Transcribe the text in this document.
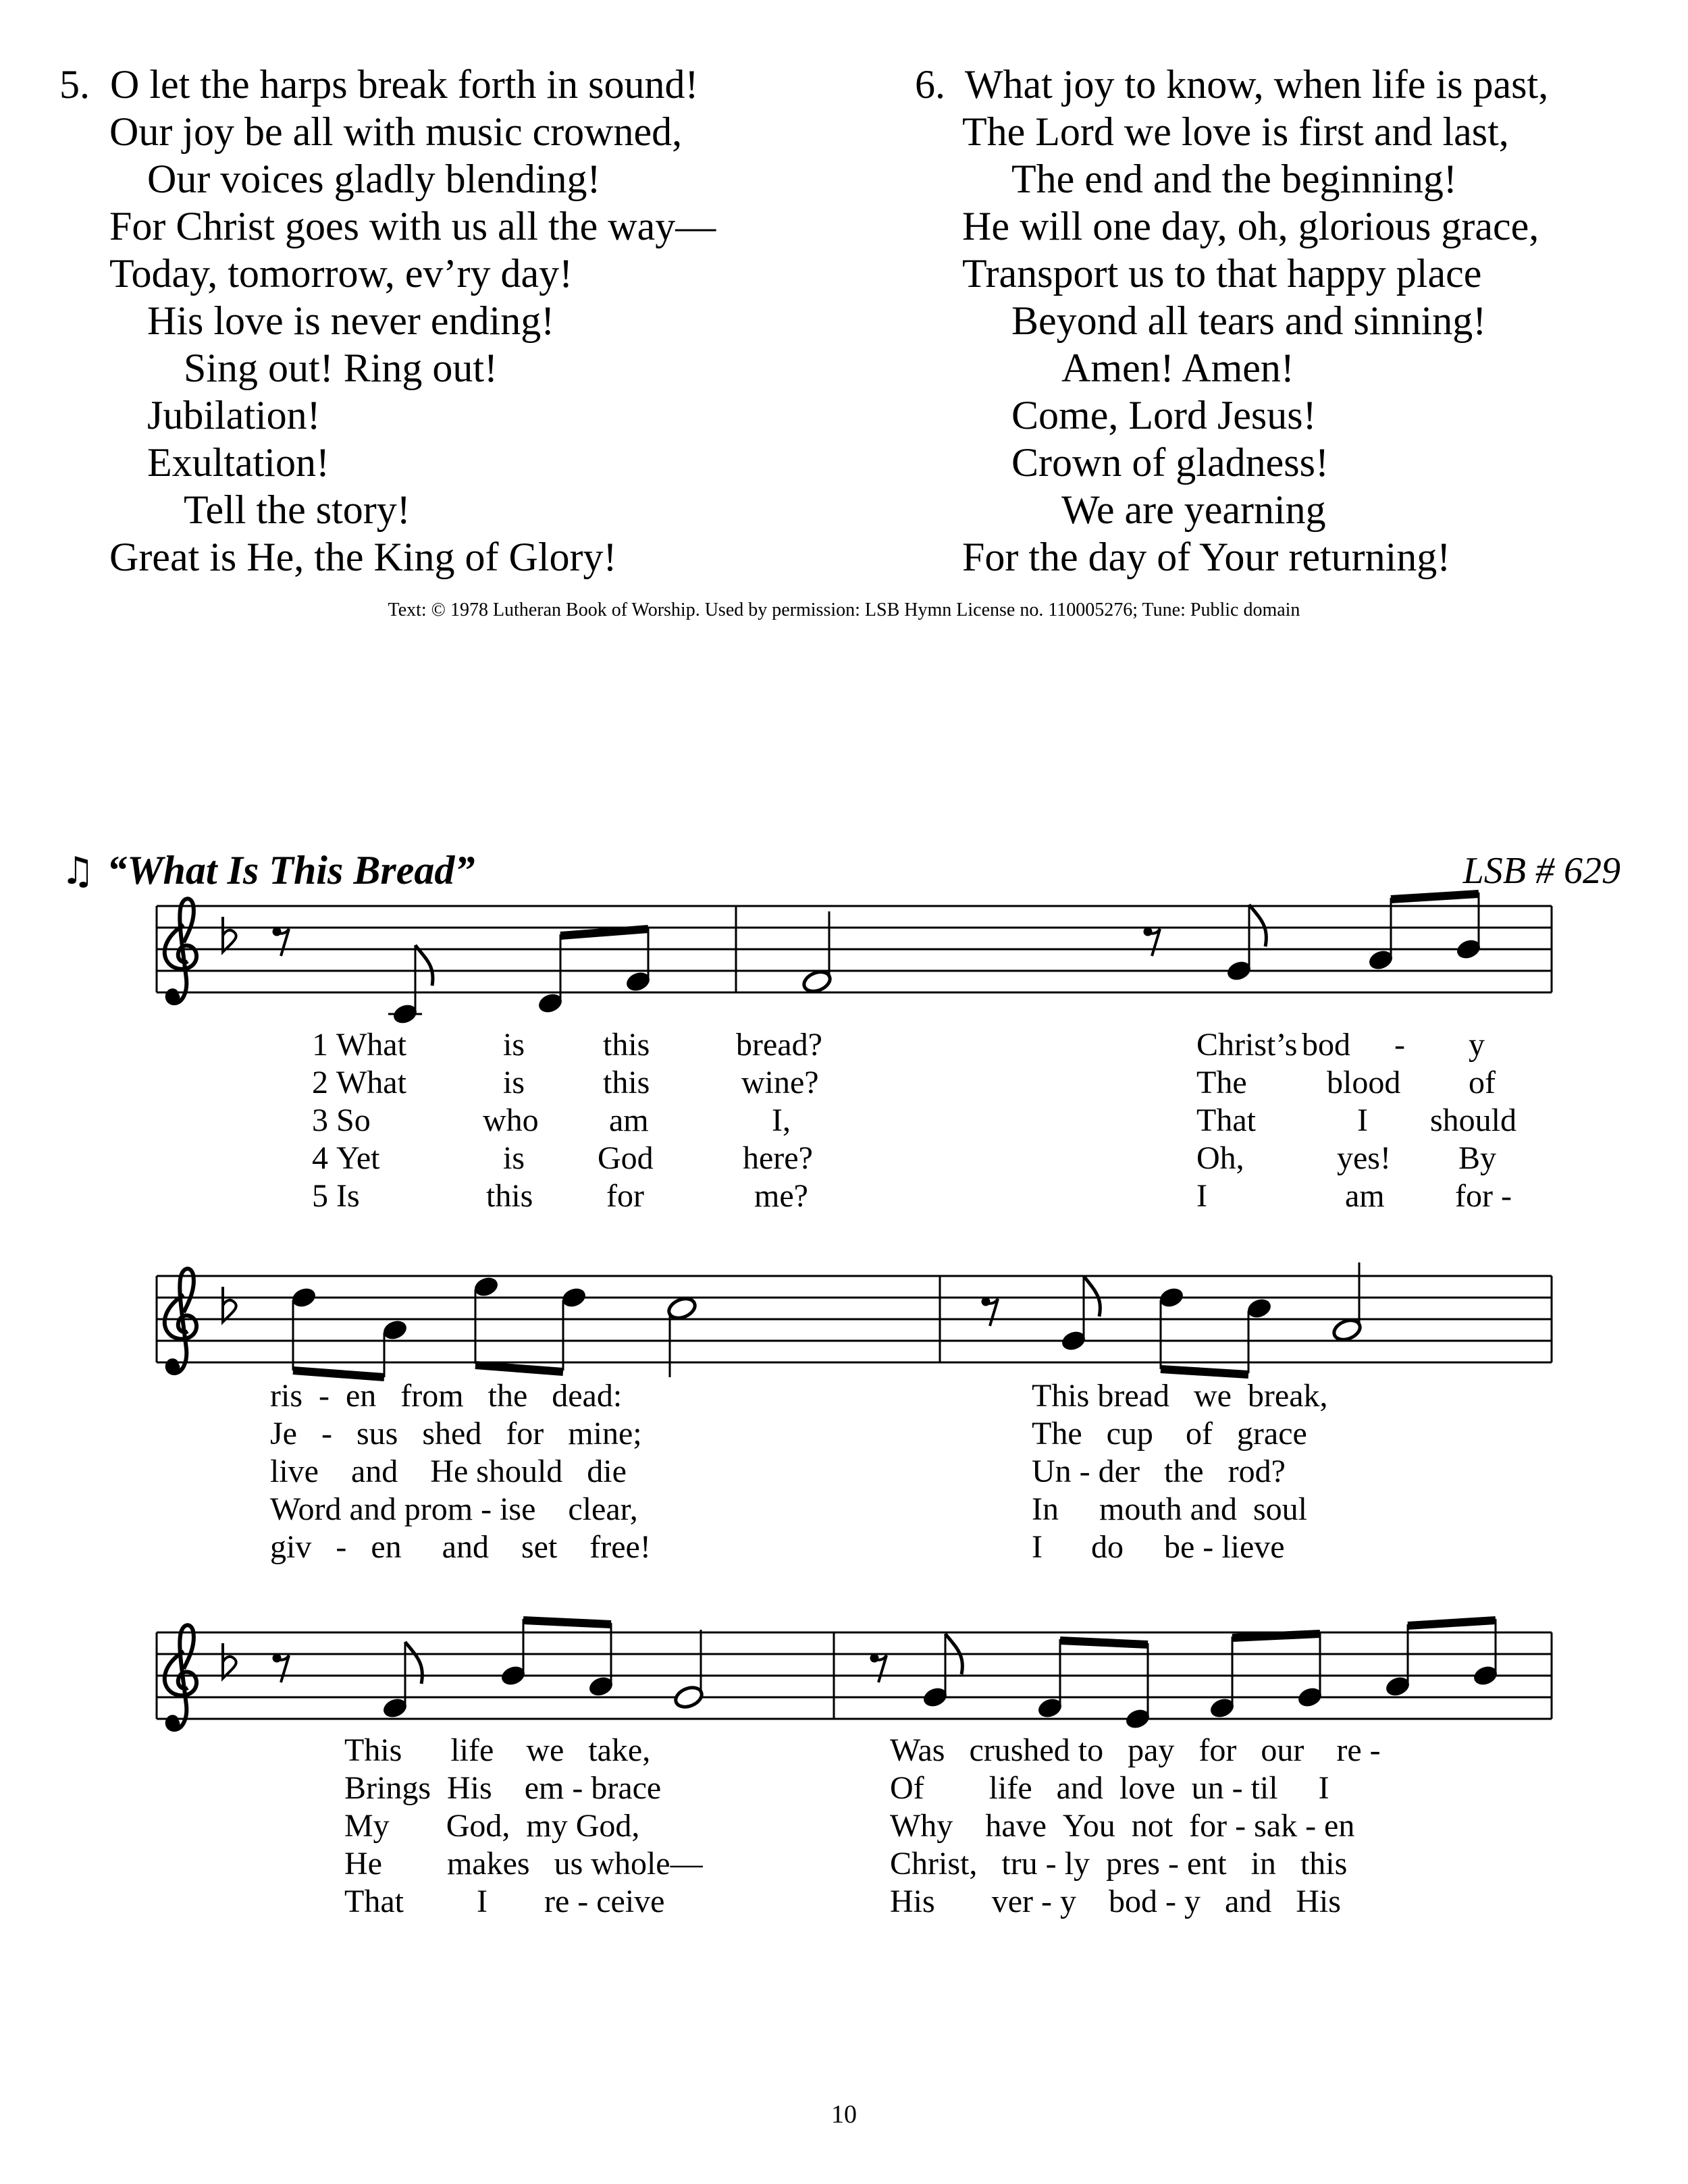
5.  O let the harps break forth in sound!
Our joy be all with music crowned,
Our voices gladly blending!
For Christ goes with us all the way—
Today, tomorrow, ev’ry day!
His love is never ending!
Sing out! Ring out!
Jubilation!
Exultation!
Tell the story!
Great is He, the King of Glory!
6.  What joy to know, when life is past,
The Lord we love is first and last,
The end and the beginning!
He will one day, oh, glorious grace,
Transport us to that happy place
Beyond all tears and sinning!
Amen! Amen!
Come, Lord Jesus!
Crown of gladness!
We are yearning
For the day of Your returning!
Text: © 1978 Lutheran Book of Worship. Used by permission: LSB Hymn License no. 110005276; Tune: Public domain
♫ “What Is This Bread”	LSB # 629
1 What	is this	bread?
2 What	is this	wine?
3 So	who am	I,
4 Yet	is God	here?
5 Is	this for	me?
Christ’s bod - y
The blood of
That	I should
Oh,	yes! By
I	am for -
ris - en from the dead:
Je - sus shed for mine;
live and He should die
Word and prom - ise clear,
giv - en and set free!
This bread we break,
The cup of grace
Un - der the rod?
In mouth and soul
I do be - lieve
This life we take,
Brings His em - brace
My God, my God,
He makes us whole—
That I re - ceive
Was crushed to pay for our re -
Of life and love un - til I
Why have You not for - sak - en
Christ, tru - ly pres - ent in this
His ver - y bod - y and His
10
